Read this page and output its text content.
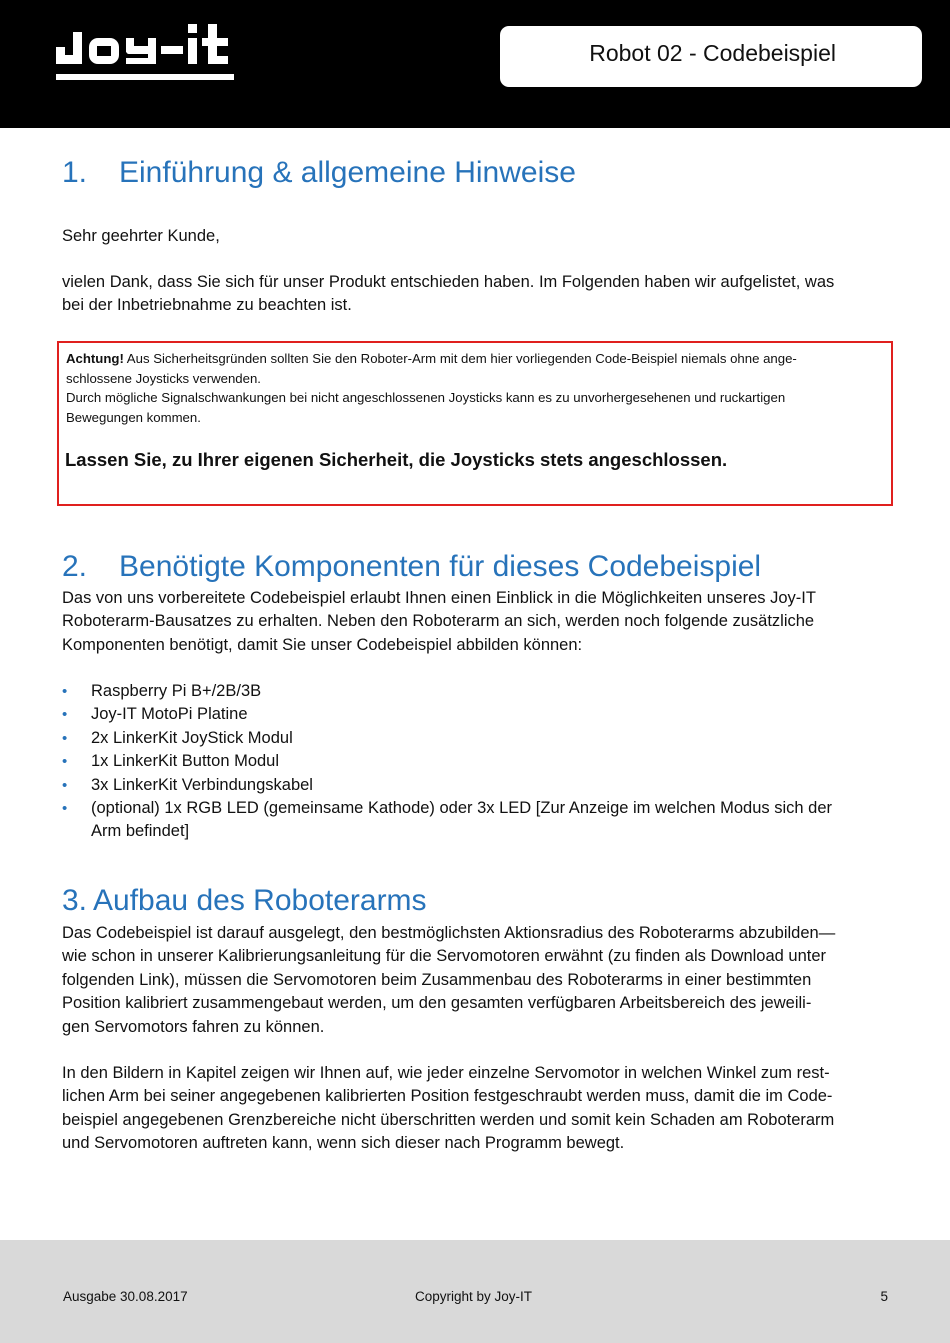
Robot 02 - Codebeispiel
1. Einführung & allgemeine Hinweise
Sehr geehrter Kunde,
vielen Dank, dass Sie sich für unser Produkt entschieden haben. Im Folgenden haben wir aufgelistet, was
bei der Inbetriebnahme zu beachten ist.
Achtung! Aus Sicherheitsgründen sollten Sie den Roboter-Arm mit dem hier vorliegenden Code-Beispiel niemals ohne ange-
schlossene Joysticks verwenden.
Durch mögliche Signalschwankungen bei nicht angeschlossenen Joysticks kann es zu unvorhergesehenen und ruckartigen
Bewegungen kommen.
Lassen Sie, zu Ihrer eigenen Sicherheit, die Joysticks stets angeschlossen.
2. Benötigte Komponenten für dieses Codebeispiel
Das von uns vorbereitete Codebeispiel erlaubt Ihnen einen Einblick in die Möglichkeiten unseres Joy-IT
Roboterarm-Bausatzes zu erhalten. Neben den Roboterarm an sich, werden noch folgende zusätzliche
Komponenten benötigt, damit Sie unser Codebeispiel abbilden können:
• Raspberry Pi B+/2B/3B
• Joy-IT MotoPi Platine
• 2x LinkerKit JoyStick Modul
• 1x LinkerKit Button Modul
• 3x LinkerKit Verbindungskabel
• (optional) 1x RGB LED (gemeinsame Kathode) oder 3x LED [Zur Anzeige im welchen Modus sich der
Arm befindet]
3. Aufbau des Roboterarms
Das Codebeispiel ist darauf ausgelegt, den bestmöglichsten Aktionsradius des Roboterarms abzubilden—
wie schon in unserer Kalibrierungsanleitung für die Servomotoren erwähnt (zu finden als Download unter
folgenden Link), müssen die Servomotoren beim Zusammenbau des Roboterarms in einer bestimmten
Position kalibriert zusammengebaut werden, um den gesamten verfügbaren Arbeitsbereich des jeweili-
gen Servomotors fahren zu können.
In den Bildern in Kapitel zeigen wir Ihnen auf, wie jeder einzelne Servomotor in welchen Winkel zum rest-
lichen Arm bei seiner angegebenen kalibrierten Position festgeschraubt werden muss, damit die im Code-
beispiel angegebenen Grenzbereiche nicht überschritten werden und somit kein Schaden am Roboterarm
und Servomotoren auftreten kann, wenn sich dieser nach Programm bewegt.
Ausgabe 30.08.2017	Copyright by Joy-IT	5
